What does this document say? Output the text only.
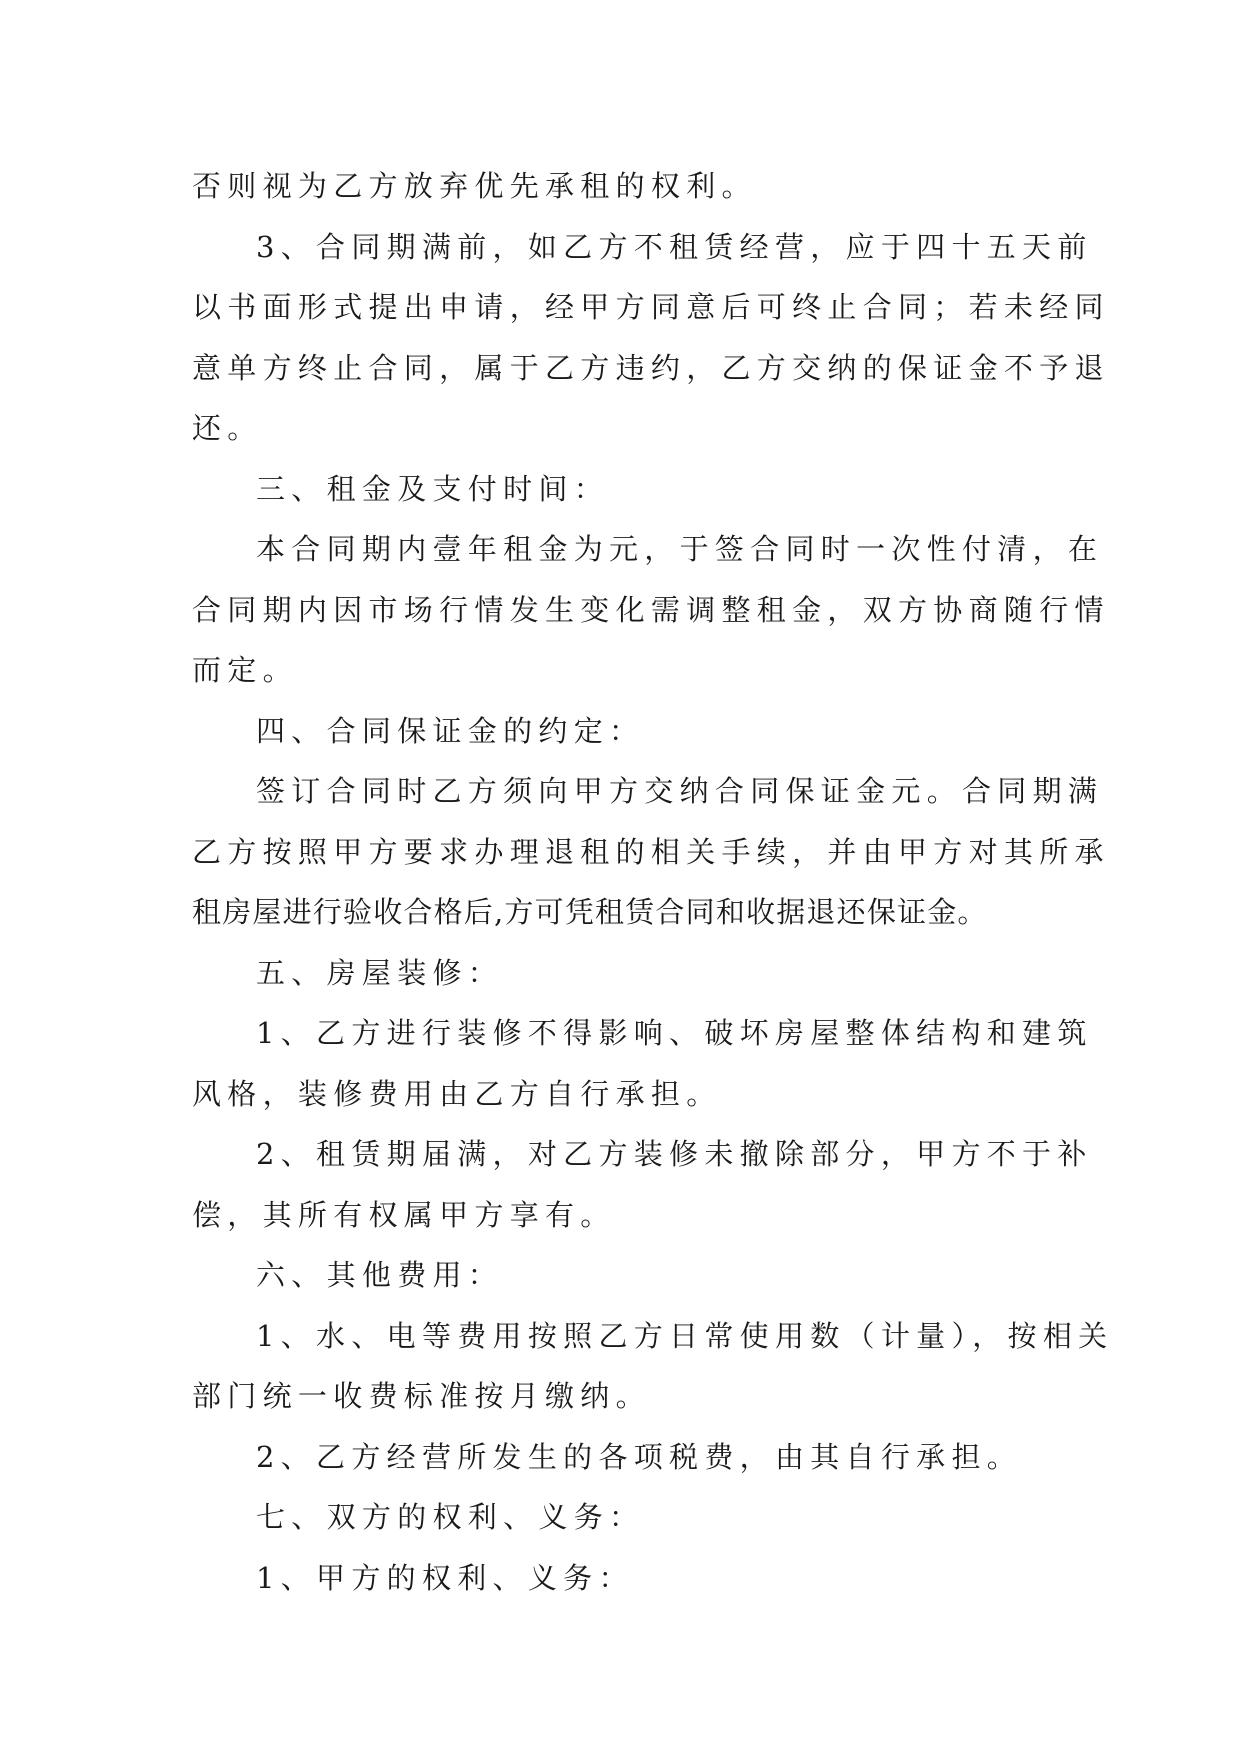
否则视为乙方放弃优先承租的权利。
3、合同期满前，如乙方不租赁经营，应于四十五天前
以书面形式提出申请，经甲方同意后可终止合同；若未经同
意单方终止合同，属于乙方违约，乙方交纳的保证金不予退
还。
三、租金及支付时间：
本合同期内壹年租金为元，于签合同时一次性付清，在
合同期内因市场行情发生变化需调整租金，双方协商随行情
而定。
四、合同保证金的约定：
签订合同时乙方须向甲方交纳合同保证金元。合同期满
乙方按照甲方要求办理退租的相关手续，并由甲方对其所承
租房屋进行验收合格后,方可凭租赁合同和收据退还保证金。
五、房屋装修：
1、乙方进行装修不得影响、破坏房屋整体结构和建筑
风格，装修费用由乙方自行承担。
2、租赁期届满，对乙方装修未撤除部分，甲方不于补
偿，其所有权属甲方享有。
六、其他费用：
1、水、电等费用按照乙方日常使用数（计量），按相关
部门统一收费标准按月缴纳。
2、乙方经营所发生的各项税费，由其自行承担。
七、双方的权利、义务：
1、甲方的权利、义务：
